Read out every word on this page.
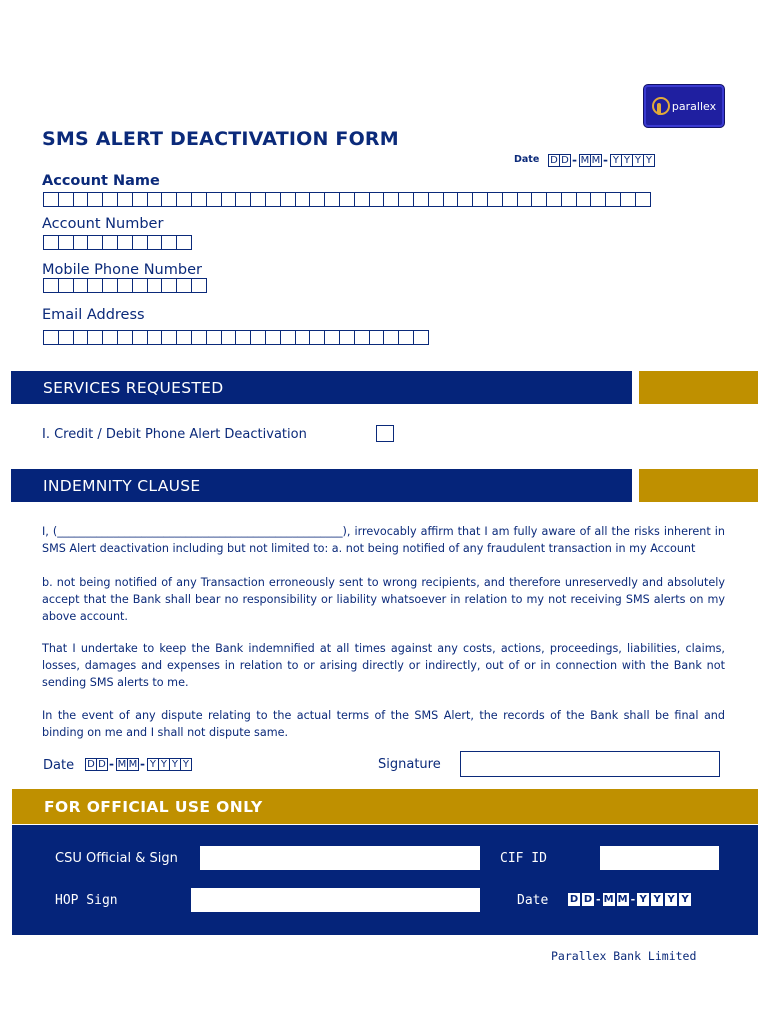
parallex
SMS ALERT DEACTIVATION FORM
Date D D - M M - Y Y Y Y
Account Name
Account Number
Mobile Phone Number
Email Address
SERVICES REQUESTED
I. Credit / Debit Phone Alert Deactivation
INDEMNITY CLAUSE
I, (___________________________________________________), irrevocably affirm that I am fully aware of all the risks inherent in SMS Alert deactivation including but not limited to: a. not being notified of any fraudulent transaction in my Account
b. not being notified of any Transaction erroneously sent to wrong recipients, and therefore unreservedly and absolutely accept that the Bank shall bear no responsibility or liability whatsoever in relation to my not receiving SMS alerts on my above account.
That I undertake to keep the Bank indemnified at all times against any costs, actions, proceedings, liabilities, claims, losses, damages and expenses in relation to or arising directly or indirectly, out of or in connection with the Bank not sending SMS alerts to me.
In the event of any dispute relating to the actual terms of the SMS Alert, the records of the Bank shall be final and binding on me and I shall not dispute same.
Date D D - M M - Y Y Y Y	Signature
FOR OFFICIAL USE ONLY
CSU Official & Sign	CIF ID
HOP Sign	Date D D - M M - Y Y Y Y
Parallex Bank Limited
